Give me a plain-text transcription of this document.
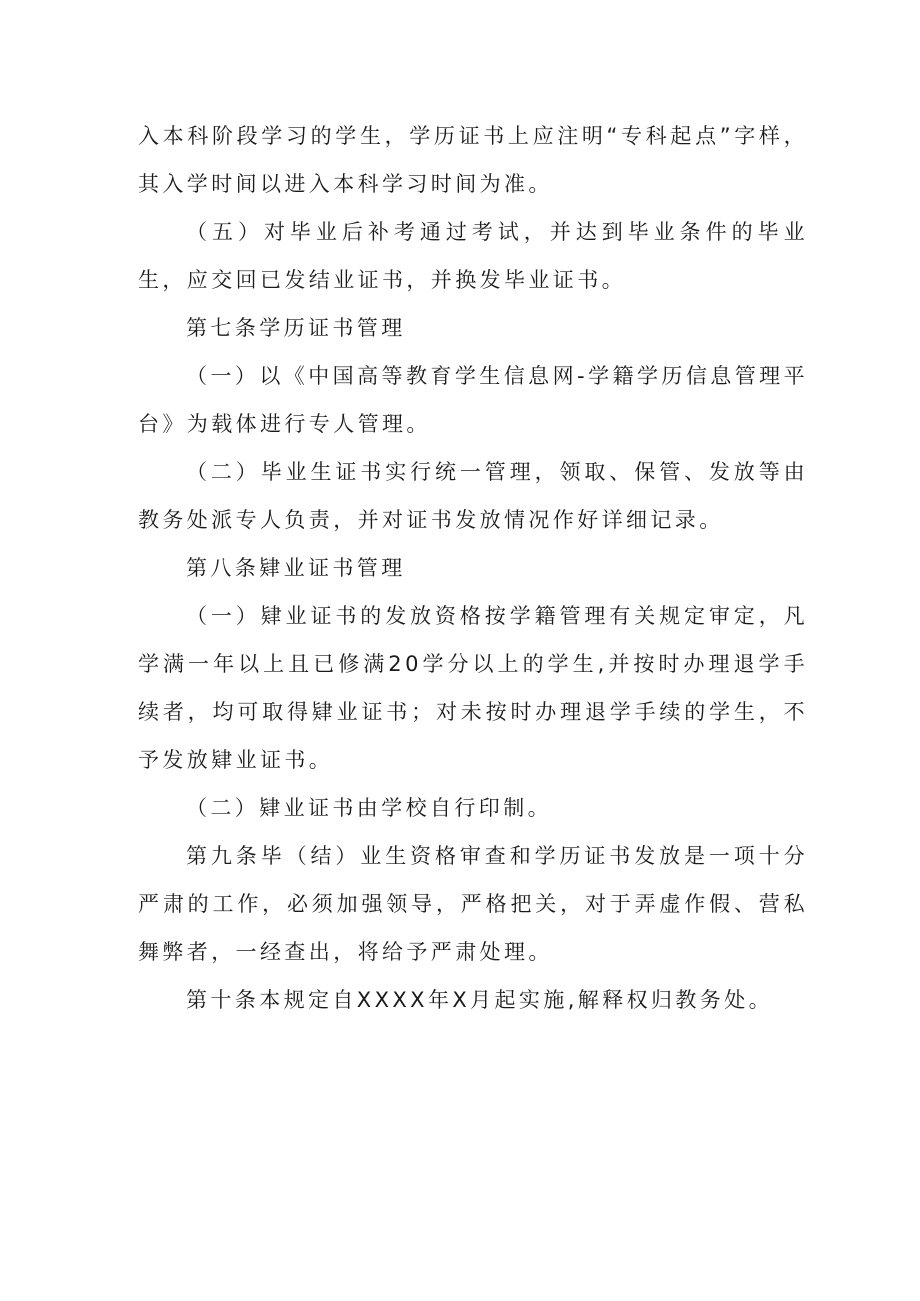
入本科阶段学习的学生，学历证书上应注明“专科起点”字样，其入学时间以进入本科学习时间为准。

（五）对毕业后补考通过考试，并达到毕业条件的毕业生，应交回已发结业证书，并换发毕业证书。

第七条学历证书管理

（一）以《中国高等教育学生信息网-学籍学历信息管理平台》为载体进行专人管理。

（二）毕业生证书实行统一管理，领取、保管、发放等由教务处派专人负责，并对证书发放情况作好详细记录。

第八条肄业证书管理

（一）肄业证书的发放资格按学籍管理有关规定审定，凡学满一年以上且已修满20学分以上的学生,并按时办理退学手续者，均可取得肄业证书；对未按时办理退学手续的学生，不予发放肄业证书。

（二）肄业证书由学校自行印制。

第九条毕（结）业生资格审查和学历证书发放是一项十分严肃的工作，必须加强领导，严格把关，对于弄虚作假、营私舞弊者，一经查出，将给予严肃处理。

第十条本规定自XXXX年X月起实施,解释权归教务处。
